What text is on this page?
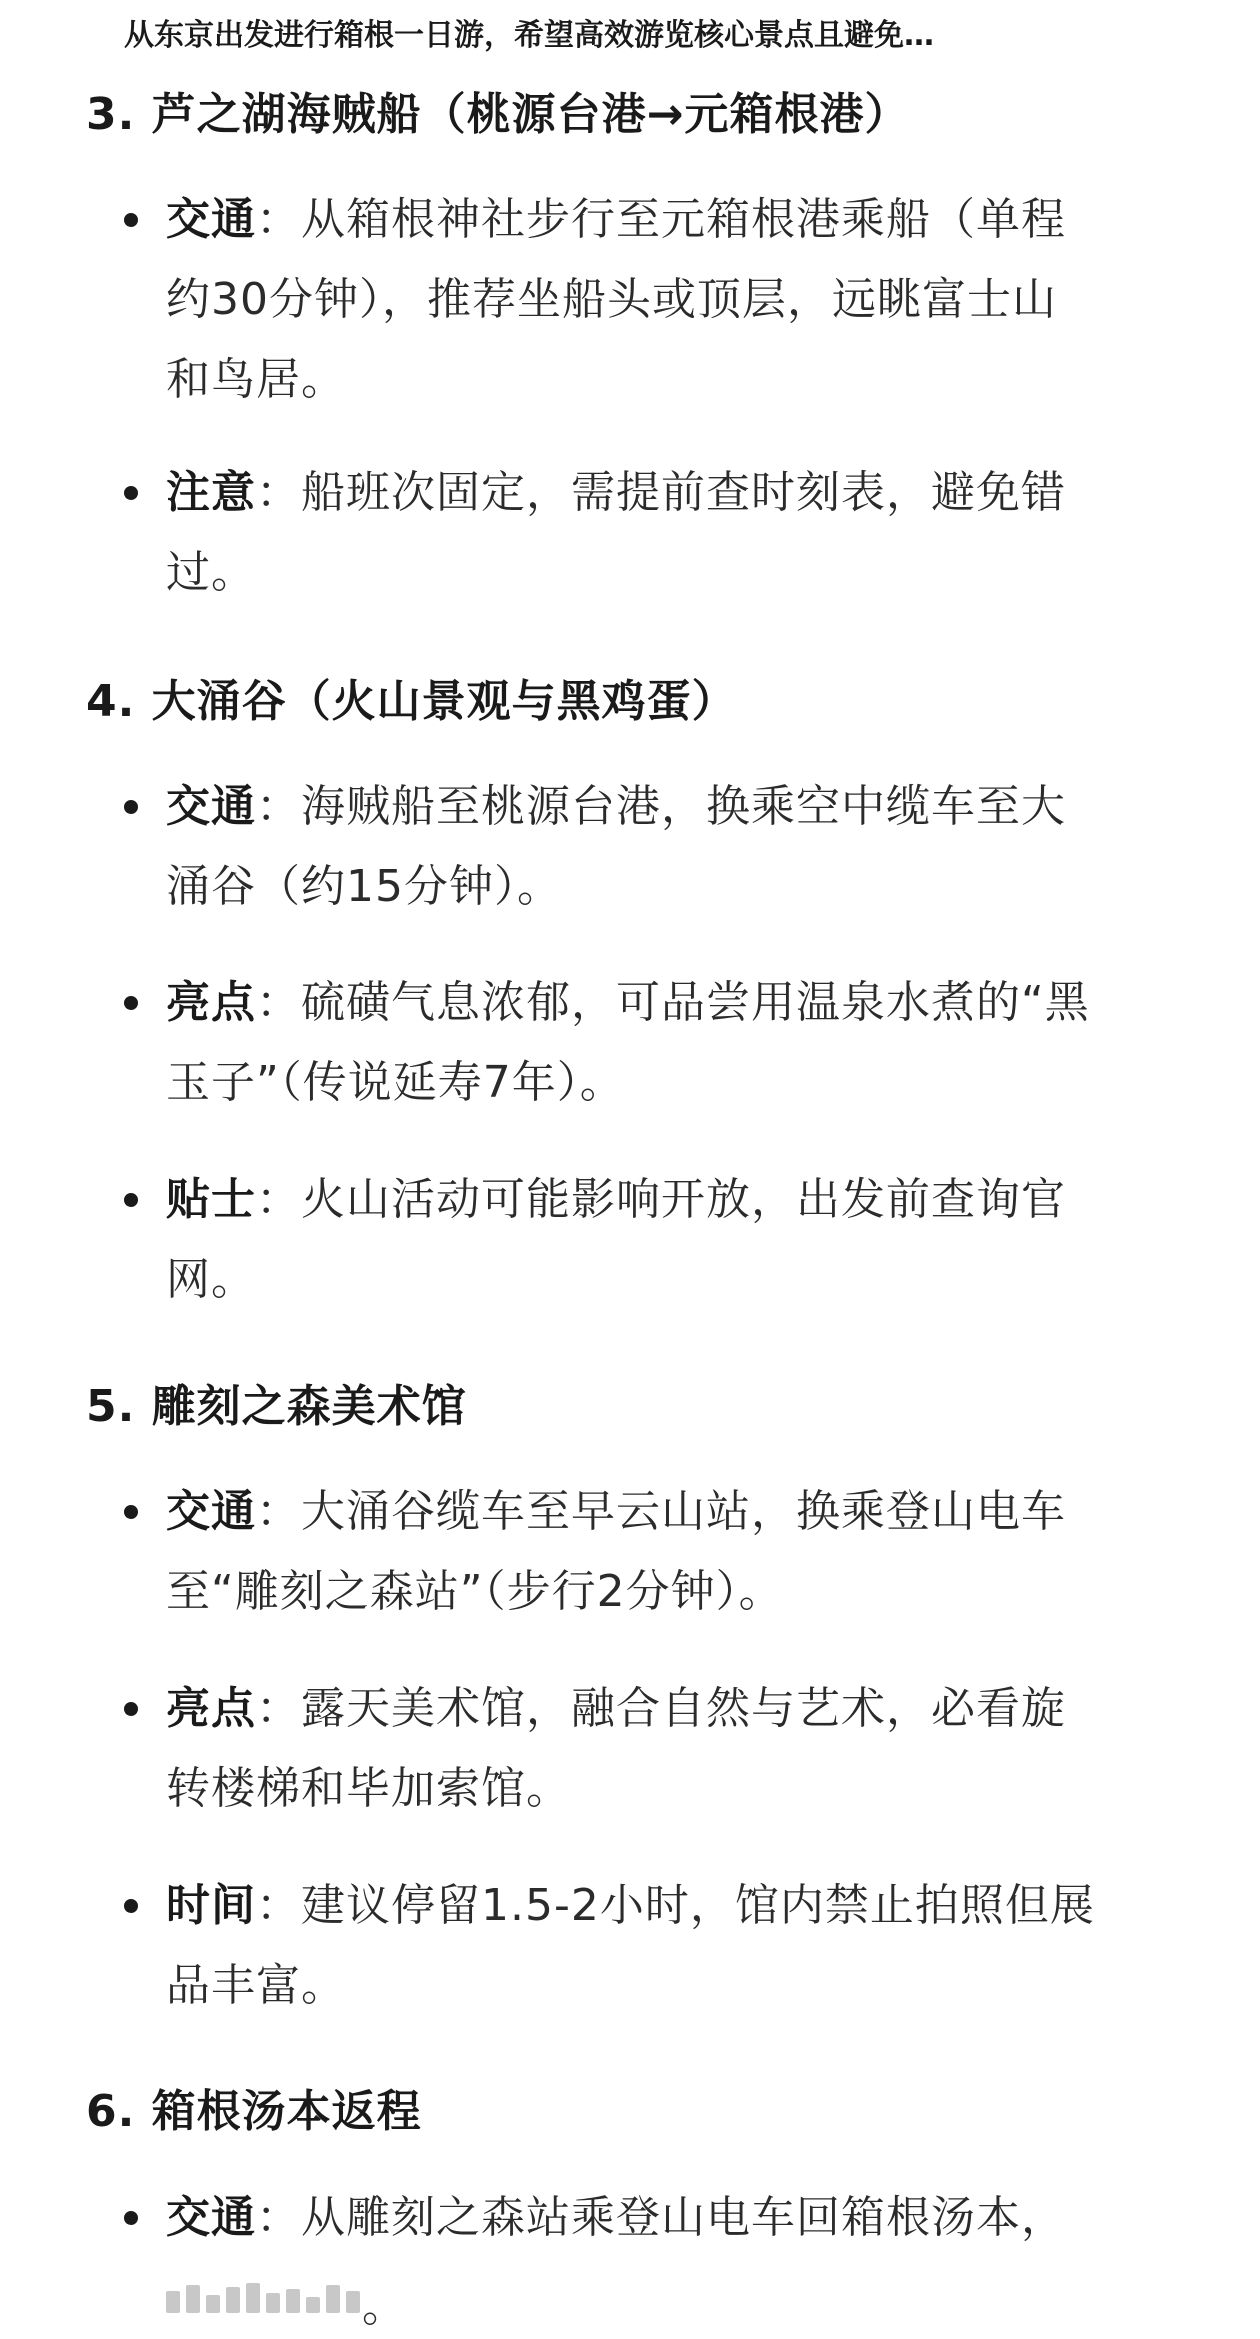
从东京出发进行箱根一日游，希望高效游览核心景点且避免…
3. 芦之湖海贼船（桃源台港→元箱根港）
交通：从箱根神社步行至元箱根港乘船（单程
约30分钟），推荐坐船头或顶层，远眺富士山
和鸟居。
注意：船班次固定，需提前查时刻表，避免错
过。
4. 大涌谷（火山景观与黑鸡蛋）
交通：海贼船至桃源台港，换乘空中缆车至大
涌谷（约15分钟）。
亮点：硫磺气息浓郁，可品尝用温泉水煮的“黑
玉子”（传说延寿7年）。
贴士：火山活动可能影响开放，出发前查询官
网。
5. 雕刻之森美术馆
交通：大涌谷缆车至早云山站，换乘登山电车
至“雕刻之森站”（步行2分钟）。
亮点：露天美术馆，融合自然与艺术，必看旋
转楼梯和毕加索馆。
时间：建议停留1.5-2小时，馆内禁止拍照但展
品丰富。
6. 箱根汤本返程
交通：从雕刻之森站乘登山电车回箱根汤本，
。
